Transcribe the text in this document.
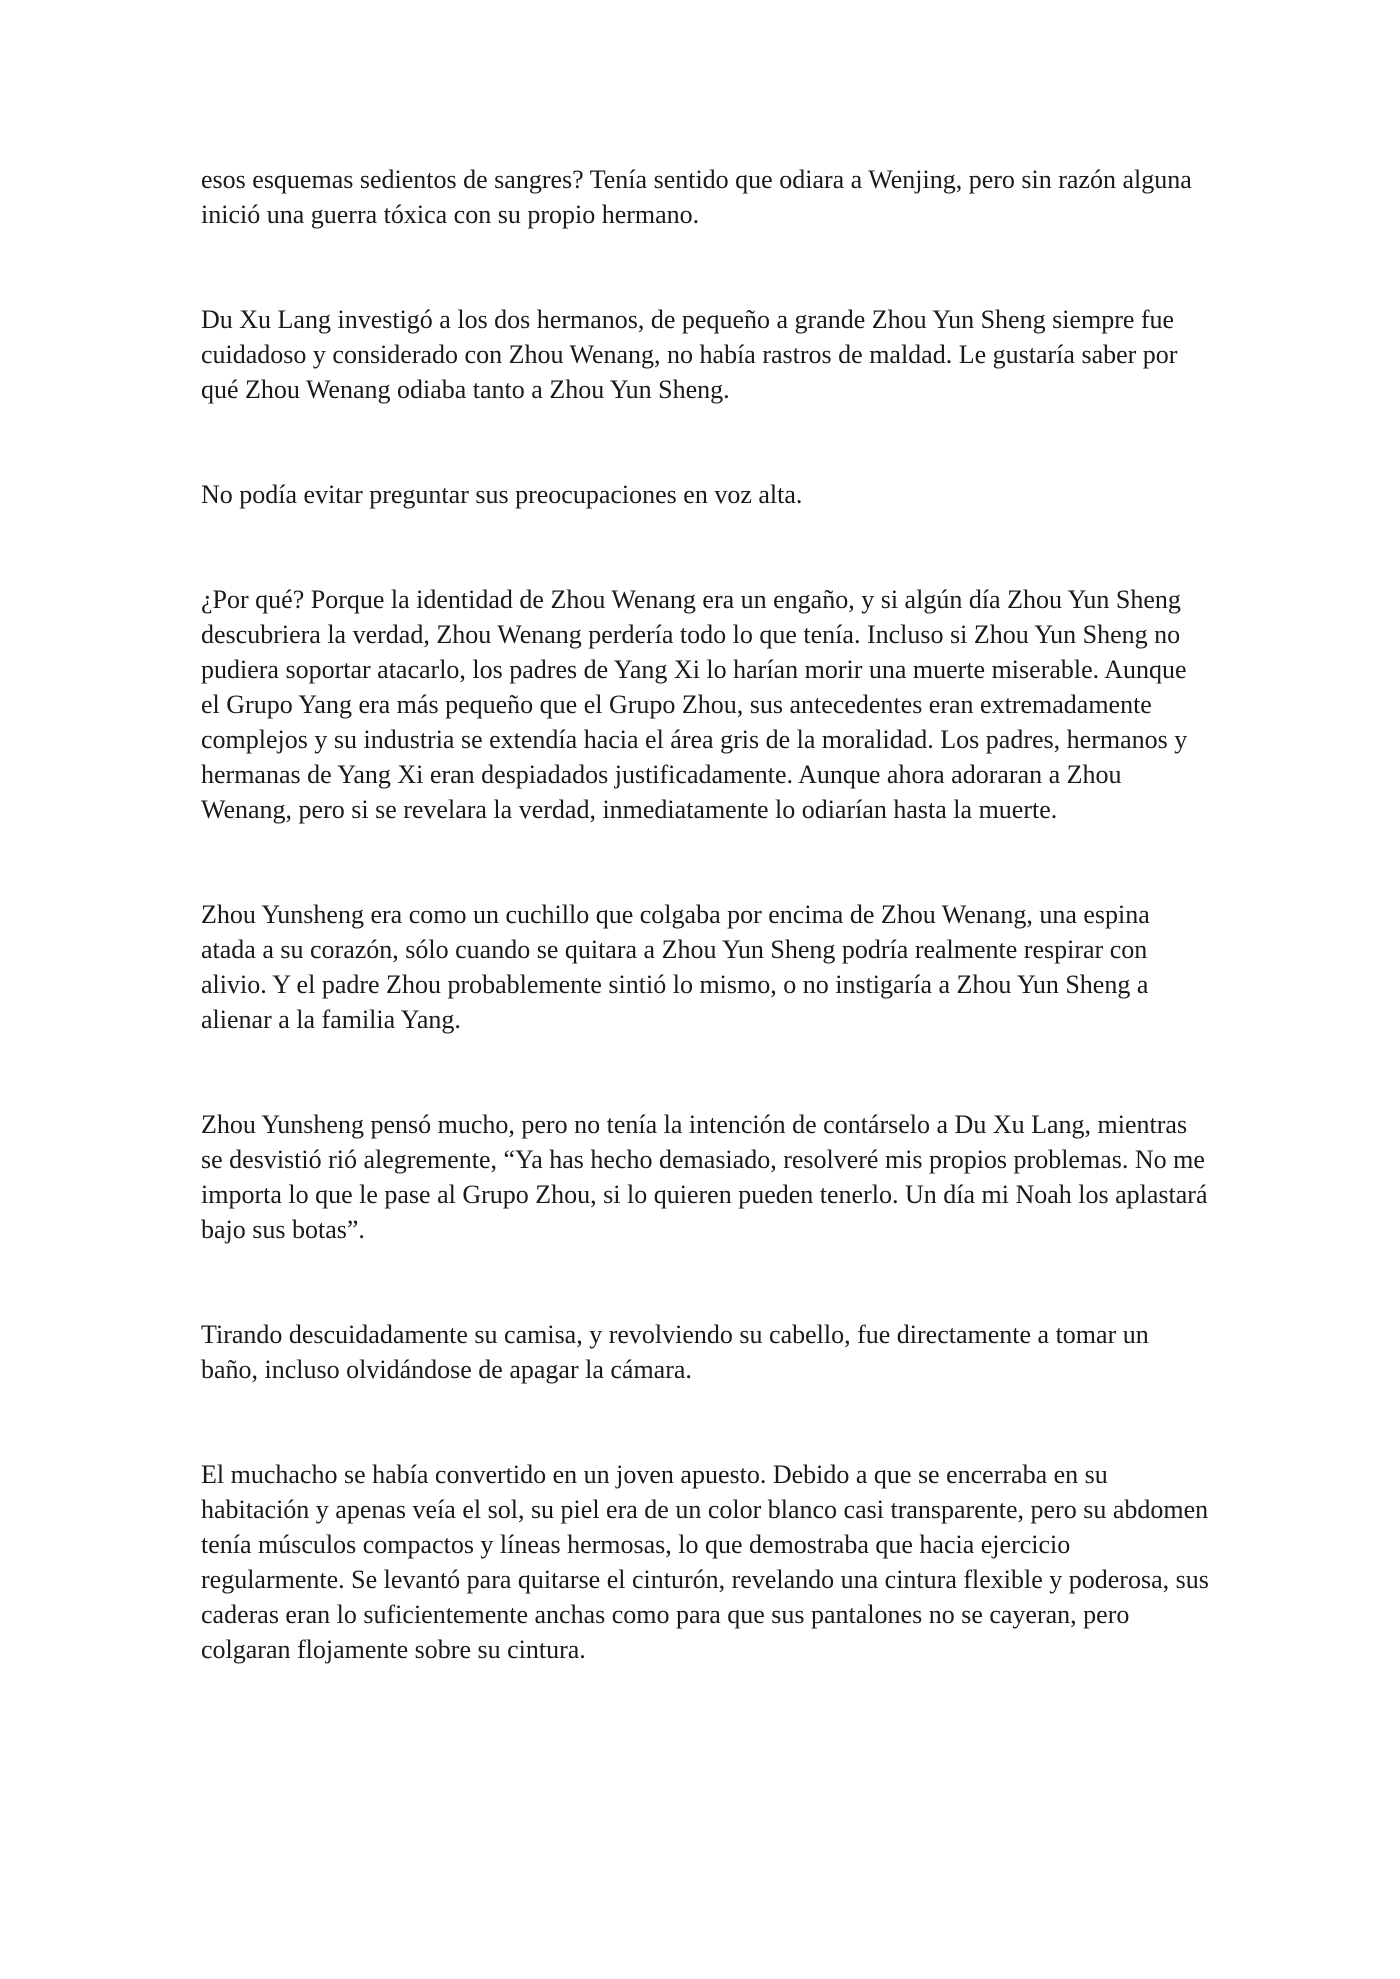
esos esquemas sedientos de sangres? Tenía sentido que odiara a Wenjing, pero sin razón alguna inició una guerra tóxica con su propio hermano.

Du Xu Lang investigó a los dos hermanos, de pequeño a grande Zhou Yun Sheng siempre fue cuidadoso y considerado con Zhou Wenang, no había rastros de maldad. Le gustaría saber por qué Zhou Wenang odiaba tanto a Zhou Yun Sheng.

No podía evitar preguntar sus preocupaciones en voz alta.

¿Por qué? Porque la identidad de Zhou Wenang era un engaño, y si algún día Zhou Yun Sheng descubriera la verdad, Zhou Wenang perdería todo lo que tenía. Incluso si Zhou Yun Sheng no pudiera soportar atacarlo, los padres de Yang Xi lo harían morir una muerte miserable. Aunque el Grupo Yang era más pequeño que el Grupo Zhou, sus antecedentes eran extremadamente complejos y su industria se extendía hacia el área gris de la moralidad. Los padres, hermanos y hermanas de Yang Xi eran despiadados justificadamente. Aunque ahora adoraran a Zhou Wenang, pero si se revelara la verdad, inmediatamente lo odiarían hasta la muerte.

Zhou Yunsheng era como un cuchillo que colgaba por encima de Zhou Wenang, una espina atada a su corazón, sólo cuando se quitara a Zhou Yun Sheng podría realmente respirar con alivio. Y el padre Zhou probablemente sintió lo mismo, o no instigaría a Zhou Yun Sheng a alienar a la familia Yang.

Zhou Yunsheng pensó mucho, pero no tenía la intención de contárselo a Du Xu Lang, mientras se desvistió rió alegremente, “Ya has hecho demasiado, resolveré mis propios problemas. No me importa lo que le pase al Grupo Zhou, si lo quieren pueden tenerlo. Un día mi Noah los aplastará bajo sus botas”.

Tirando descuidadamente su camisa, y revolviendo su cabello, fue directamente a tomar un baño, incluso olvidándose de apagar la cámara.

El muchacho se había convertido en un joven apuesto. Debido a que se encerraba en su habitación y apenas veía el sol, su piel era de un color blanco casi transparente, pero su abdomen tenía músculos compactos y líneas hermosas, lo que demostraba que hacia ejercicio regularmente. Se levantó para quitarse el cinturón, revelando una cintura flexible y poderosa, sus caderas eran lo suficientemente anchas como para que sus pantalones no se cayeran, pero colgaran flojamente sobre su cintura.
